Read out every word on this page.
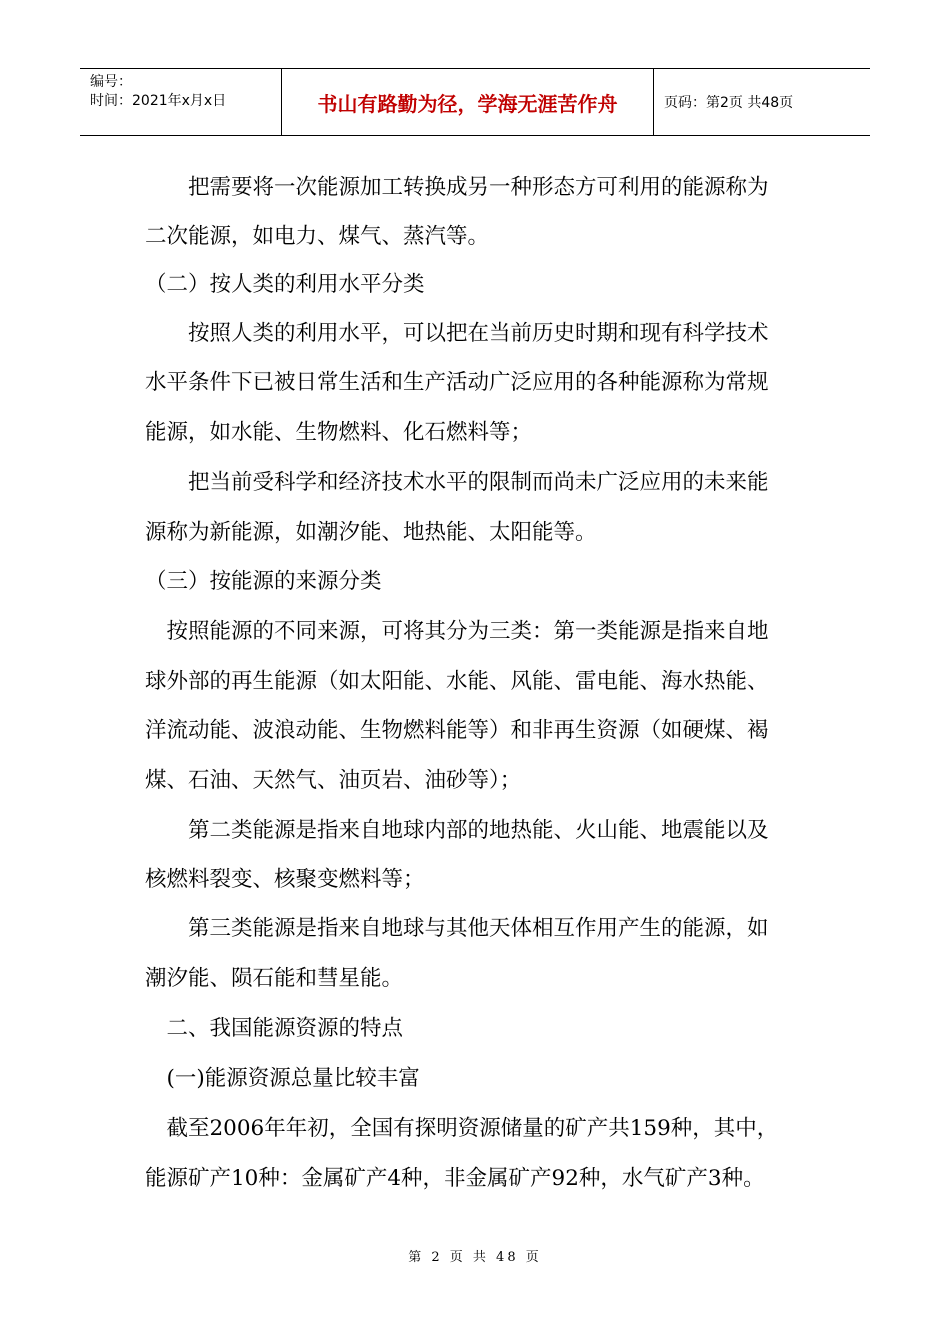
编号：
时间：2021年x月x日	书山有路勤为径，学海无涯苦作舟	页码：第2页 共48页
　　把需要将一次能源加工转换成另一种形态方可利用的能源称为
二次能源，如电力、煤气、蒸汽等。
（二）按人类的利用水平分类
　　按照人类的利用水平，可以把在当前历史时期和现有科学技术
水平条件下已被日常生活和生产活动广泛应用的各种能源称为常规
能源，如水能、生物燃料、化石燃料等；
　　把当前受科学和经济技术水平的限制而尚未广泛应用的未来能
源称为新能源，如潮汐能、地热能、太阳能等。
（三）按能源的来源分类
　按照能源的不同来源，可将其分为三类：第一类能源是指来自地
球外部的再生能源（如太阳能、水能、风能、雷电能、海水热能、
洋流动能、波浪动能、生物燃料能等）和非再生资源（如硬煤、褐
煤、石油、天然气、油页岩、油砂等）；
　　第二类能源是指来自地球内部的地热能、火山能、地震能以及
核燃料裂变、核聚变燃料等；
　　第三类能源是指来自地球与其他天体相互作用产生的能源，如
潮汐能、陨石能和彗星能。
　二、我国能源资源的特点
　(一)能源资源总量比较丰富
　截至2006年年初，全国有探明资源储量的矿产共159种，其中，
能源矿产10种：金属矿产4种，非金属矿产92种，水气矿产3种。
第 2 页 共 48 页
